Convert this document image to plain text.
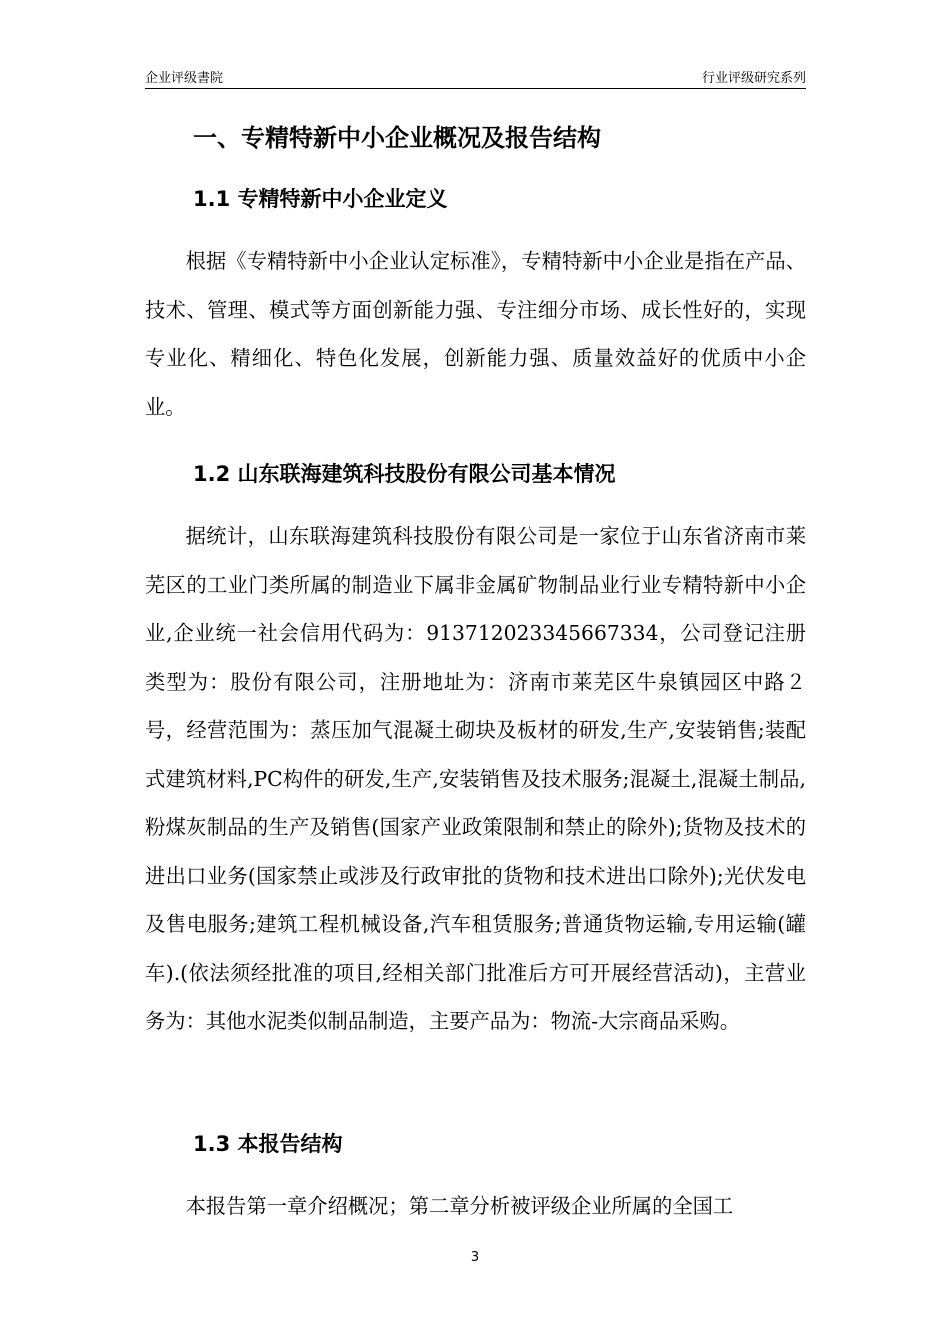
企业评级書院	行业评级研究系列
一、专精特新中小企业概况及报告结构
1.1 专精特新中小企业定义

根据《专精特新中小企业认定标准》，专精特新中小企业是指在产品、技术、管理、模式等方面创新能力强、专注细分市场、成长性好的，实现专业化、精细化、特色化发展，创新能力强、质量效益好的优质中小企业。

1.2 山东联海建筑科技股份有限公司基本情况

据统计，山东联海建筑科技股份有限公司是一家位于山东省济南市莱芜区的工业门类所属的制造业下属非金属矿物制品业行业专精特新中小企业,企业统一社会信用代码为：91371202334566733​4，公司登记注册类型为：股份有限公司，注册地址为：济南市莱芜区牛泉镇园区中路２号，经营范围为：蒸压加气混凝土砌块及板材的研发,生产,安装销售;装配式建筑材料,PC构件的研发,生产,安装销售及技术服务;混凝土,混凝土制品,粉煤灰制品的生产及销售(国家产业政策限制和禁止的除外);货物及技术的进出口业务(国家禁止或涉及行政审批的货物和技术进出口除外);光伏发电及售电服务;建筑工程机械设备,汽车租赁服务;普通货物运输,专用运输(罐车).(依法须经批准的项目,经相关部门批准后方可开展经营活动)，主营业务为：其他水泥类似制品制造，主要产品为：物流-大宗商品采购。

1.3 本报告结构

本报告第一章介绍概况；第二章分析被评级企业所属的全国工

3
